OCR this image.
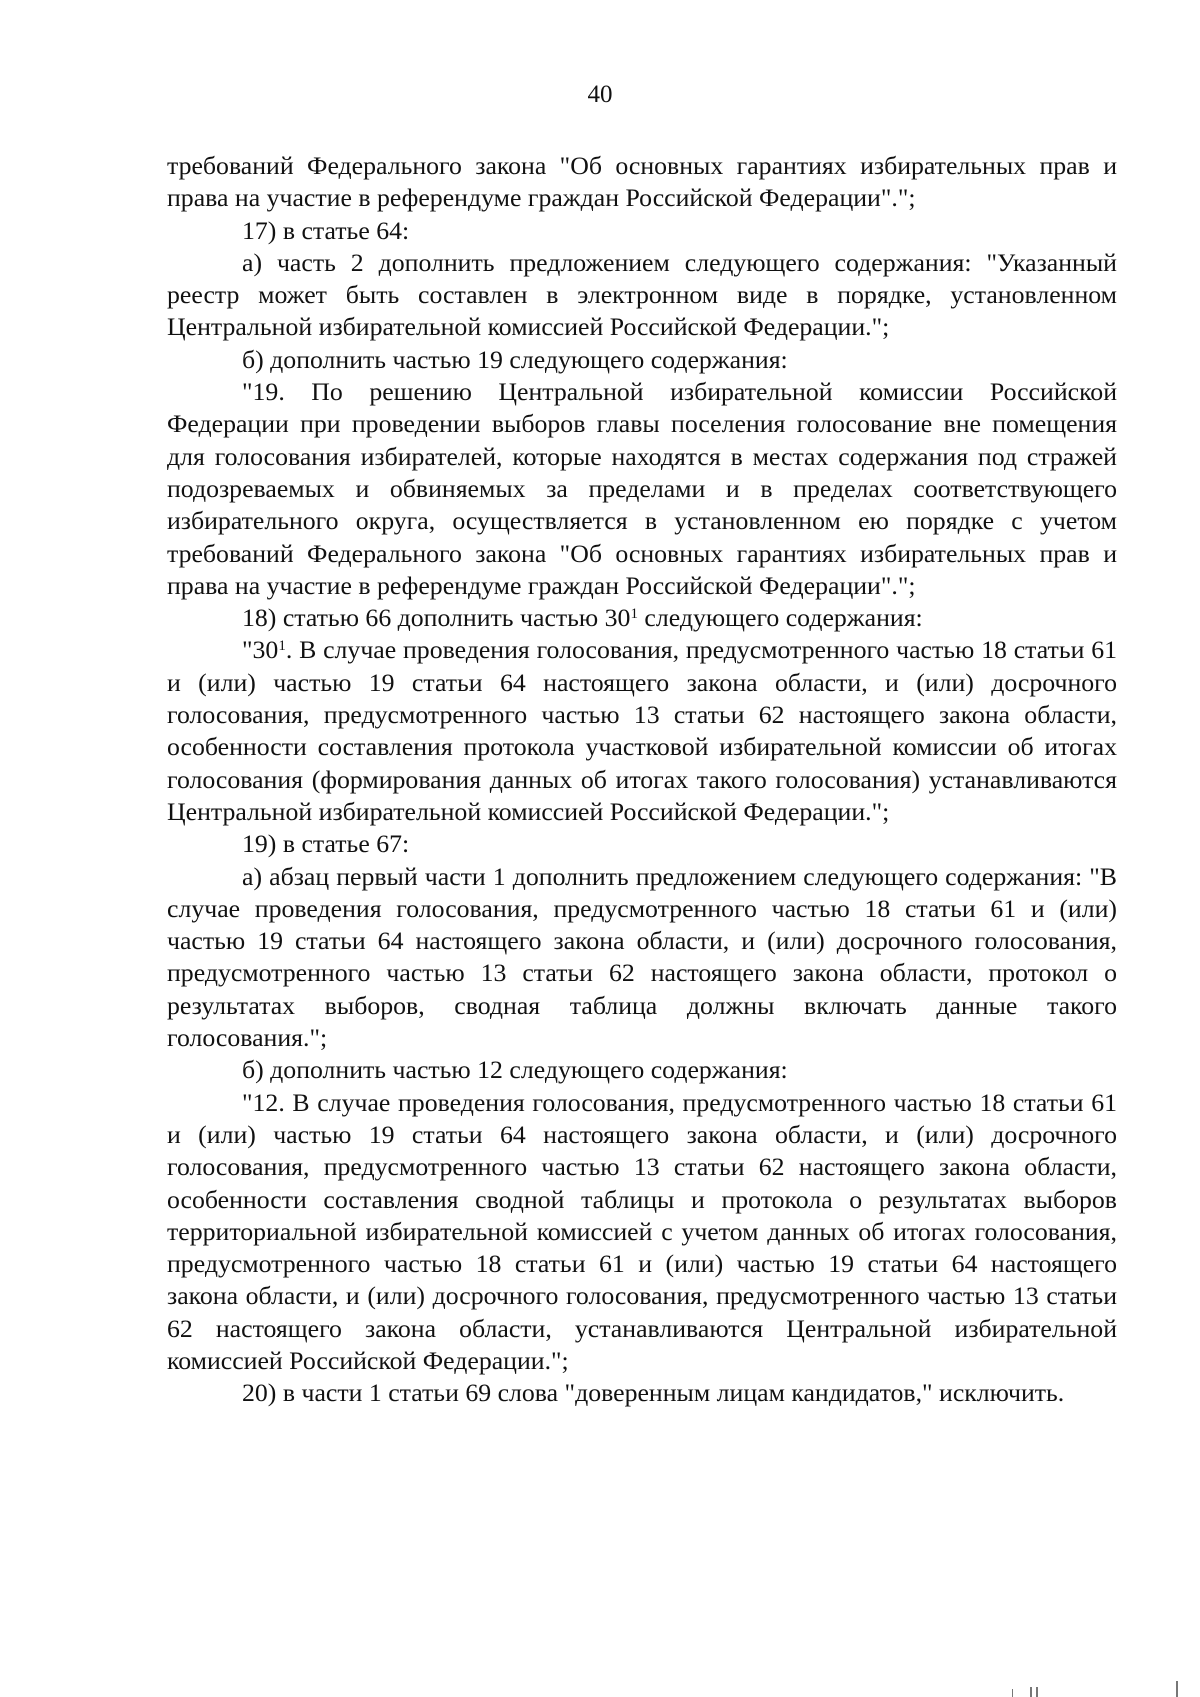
40

требований Федерального закона "Об основных гарантиях избирательных прав и права на участие в референдуме граждан Российской Федерации".";

17) в статье 64:

а) часть 2 дополнить предложением следующего содержания: "Указанный реестр может быть составлен в электронном виде в порядке, установленном Центральной избирательной комиссией Российской Федерации.";

б) дополнить частью 19 следующего содержания:

"19. По решению Центральной избирательной комиссии Российской Федерации при проведении выборов главы поселения голосование вне помещения для голосования избирателей, которые находятся в местах содержания под стражей подозреваемых и обвиняемых за пределами и в пределах соответствующего избирательного округа, осуществляется в установленном ею порядке с учетом требований Федерального закона "Об основных гарантиях избирательных прав и права на участие в референдуме граждан Российской Федерации".";

18) статью 66 дополнить частью $30^1$ следующего содержания:

"$30^1$. В случае проведения голосования, предусмотренного частью 18 статьи 61 и (или) частью 19 статьи 64 настоящего закона области, и (или) досрочного голосования, предусмотренного частью 13 статьи 62 настоящего закона области, особенности составления протокола участковой избирательной комиссии об итогах голосования (формирования данных об итогах такого голосования) устанавливаются Центральной избирательной комиссией Российской Федерации.";

19) в статье 67:

а) абзац первый части 1 дополнить предложением следующего содержания: "В случае проведения голосования, предусмотренного частью 18 статьи 61 и (или) частью 19 статьи 64 настоящего закона области, и (или) досрочного голосования, предусмотренного частью 13 статьи 62 настоящего закона области, протокол о результатах выборов, сводная таблица должны включать данные такого голосования.";

б) дополнить частью 12 следующего содержания:

"12. В случае проведения голосования, предусмотренного частью 18 статьи 61 и (или) частью 19 статьи 64 настоящего закона области, и (или) досрочного голосования, предусмотренного частью 13 статьи 62 настоящего закона области, особенности составления сводной таблицы и протокола о результатах выборов территориальной избирательной комиссией с учетом данных об итогах голосования, предусмотренного частью 18 статьи 61 и (или) частью 19 статьи 64 настоящего закона области, и (или) досрочного голосования, предусмотренного частью 13 статьи 62 настоящего закона области, устанавливаются Центральной избирательной комиссией Российской Федерации.";

20) в части 1 статьи 69 слова "доверенным лицам кандидатов," исключить.
